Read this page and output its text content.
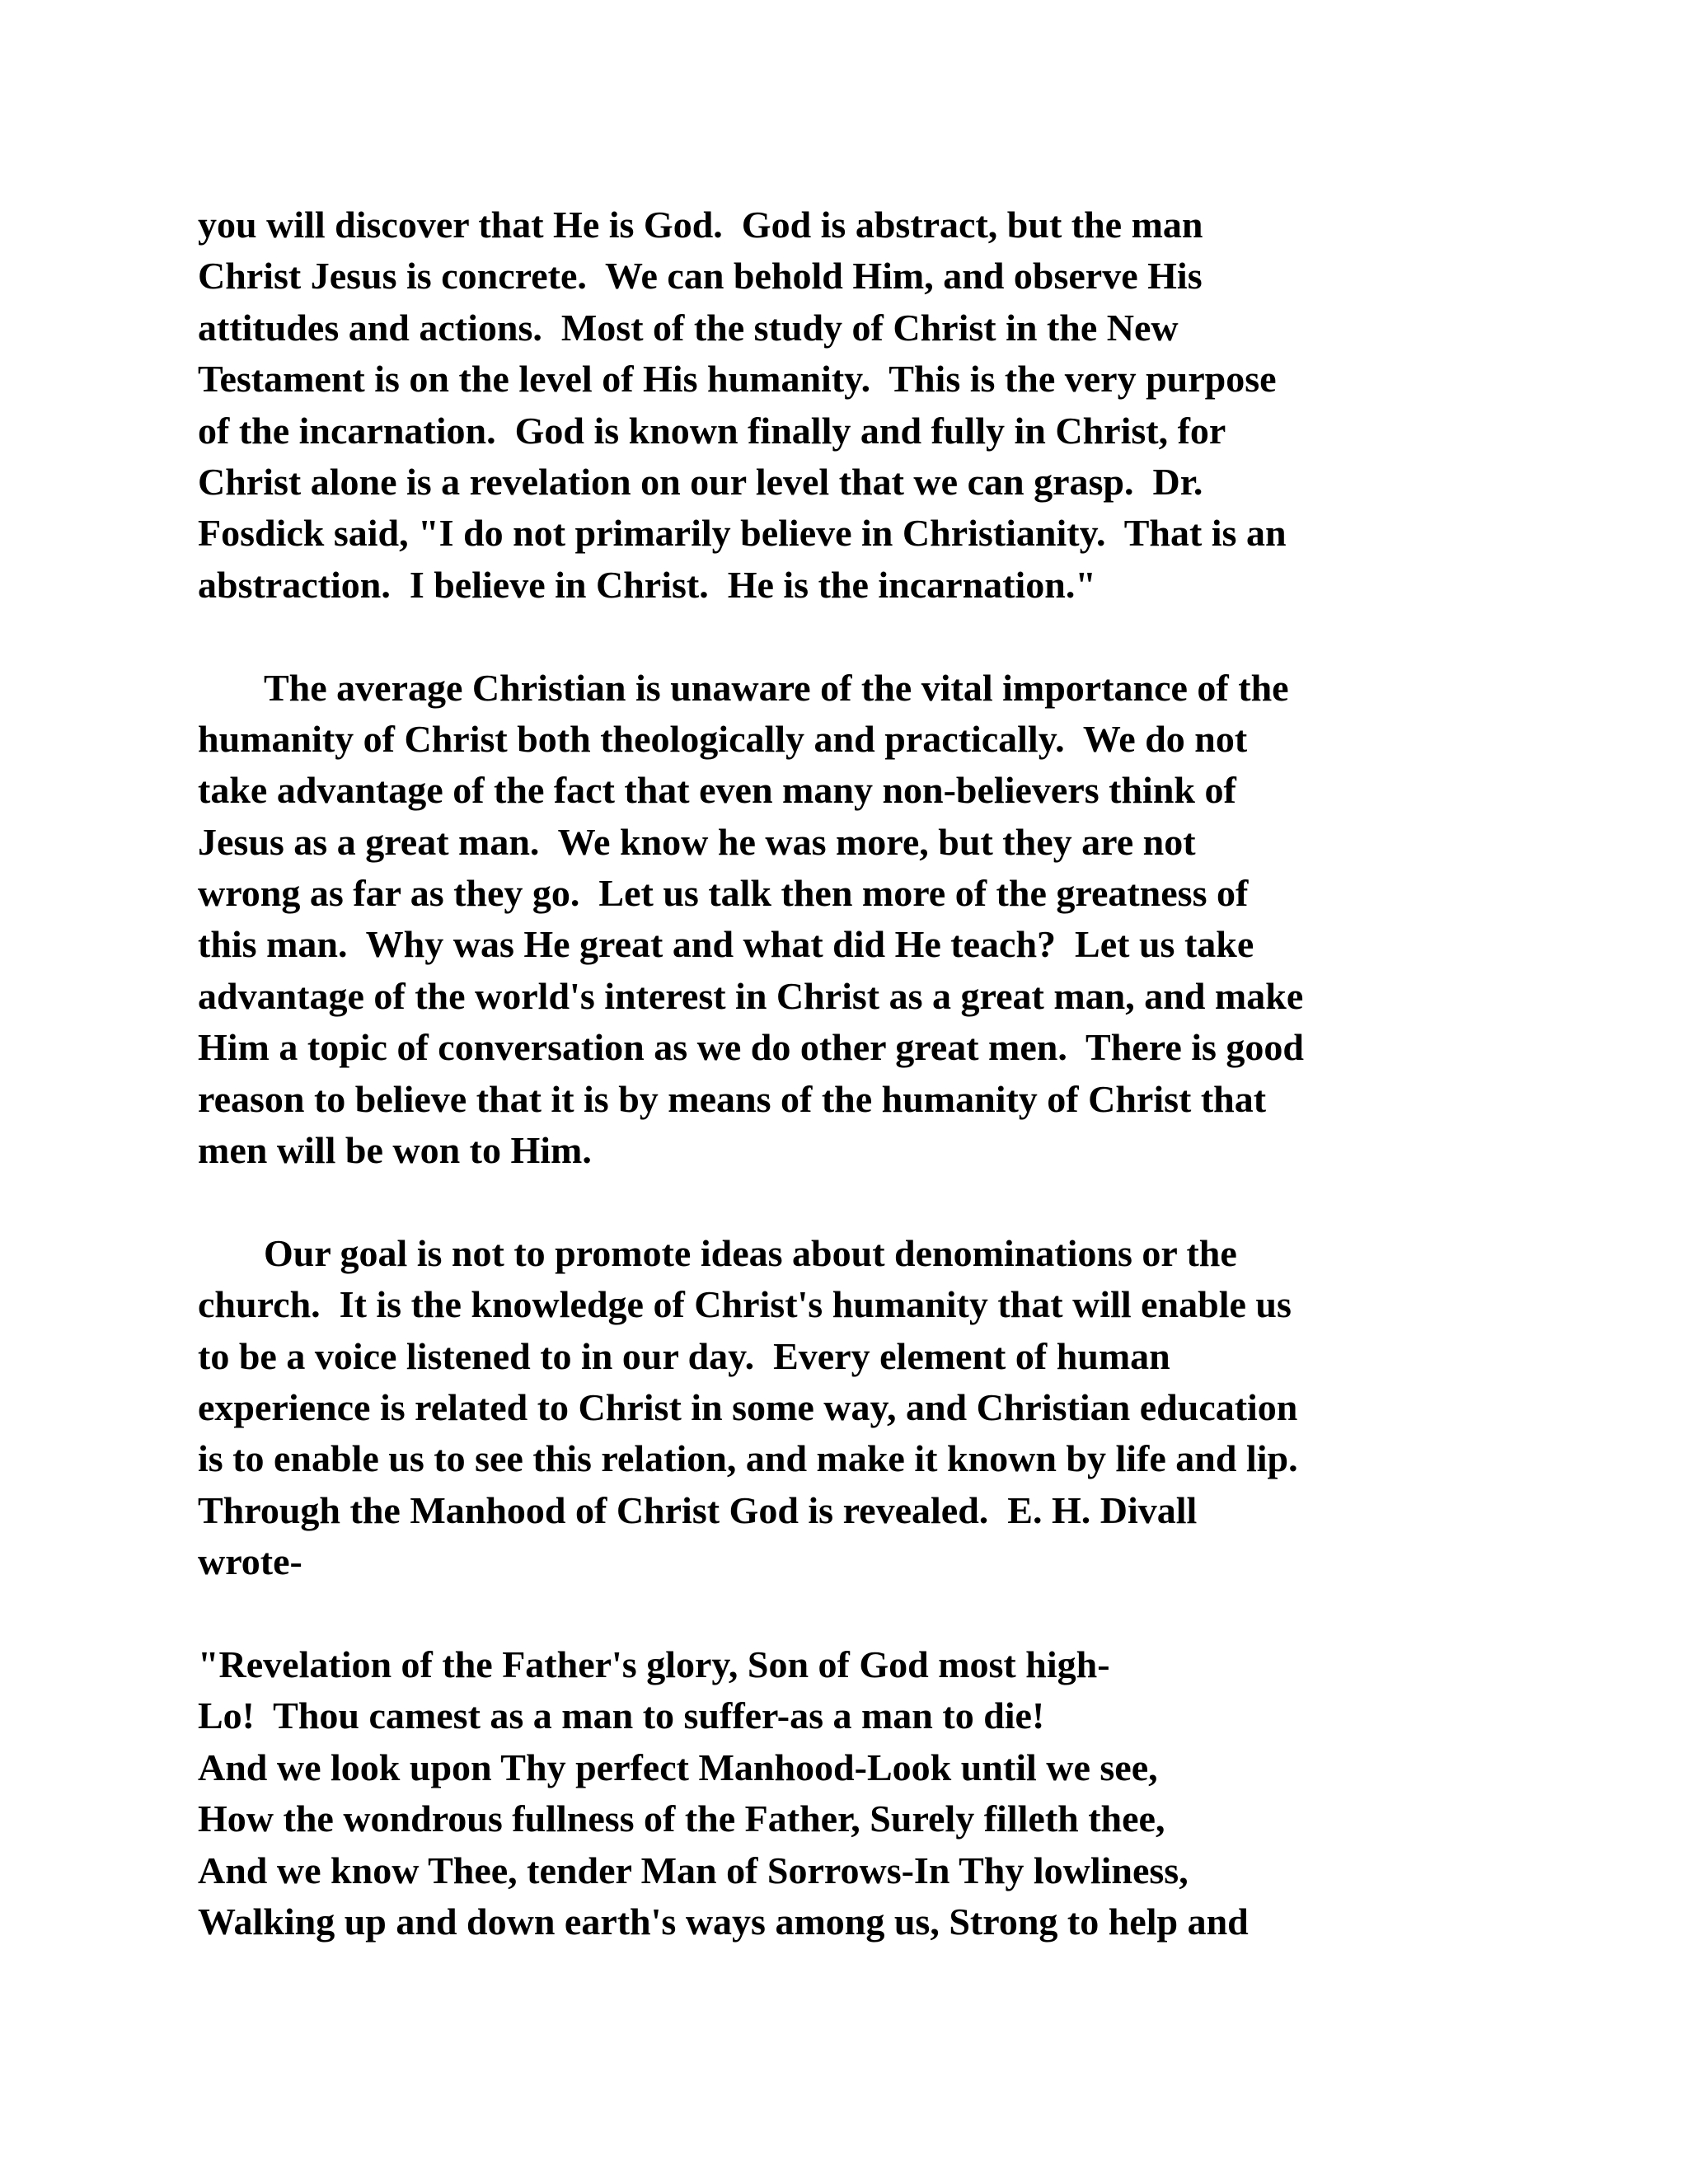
you will discover that He is God.  God is abstract, but the man
Christ Jesus is concrete.  We can behold Him, and observe His
attitudes and actions.  Most of the study of Christ in the New
Testament is on the level of His humanity.  This is the very purpose
of the incarnation.  God is known finally and fully in Christ, for
Christ alone is a revelation on our level that we can grasp.  Dr.
Fosdick said, "I do not primarily believe in Christianity.  That is an
abstraction.  I believe in Christ.  He is the incarnation."
The average Christian is unaware of the vital importance of the
humanity of Christ both theologically and practically.  We do not
take advantage of the fact that even many non-believers think of
Jesus as a great man.  We know he was more, but they are not
wrong as far as they go.  Let us talk then more of the greatness of
this man.  Why was He great and what did He teach?  Let us take
advantage of the world's interest in Christ as a great man, and make
Him a topic of conversation as we do other great men.  There is good
reason to believe that it is by means of the humanity of Christ that
men will be won to Him.
Our goal is not to promote ideas about denominations or the
church.  It is the knowledge of Christ's humanity that will enable us
to be a voice listened to in our day.  Every element of human
experience is related to Christ in some way, and Christian education
is to enable us to see this relation, and make it known by life and lip.
Through the Manhood of Christ God is revealed.  E. H. Divall
wrote-
"Revelation of the Father's glory, Son of God most high-
Lo!  Thou camest as a man to suffer-as a man to die!
And we look upon Thy perfect Manhood-Look until we see,
How the wondrous fullness of the Father, Surely filleth thee,
And we know Thee, tender Man of Sorrows-In Thy lowliness,
Walking up and down earth's ways among us, Strong to help and
